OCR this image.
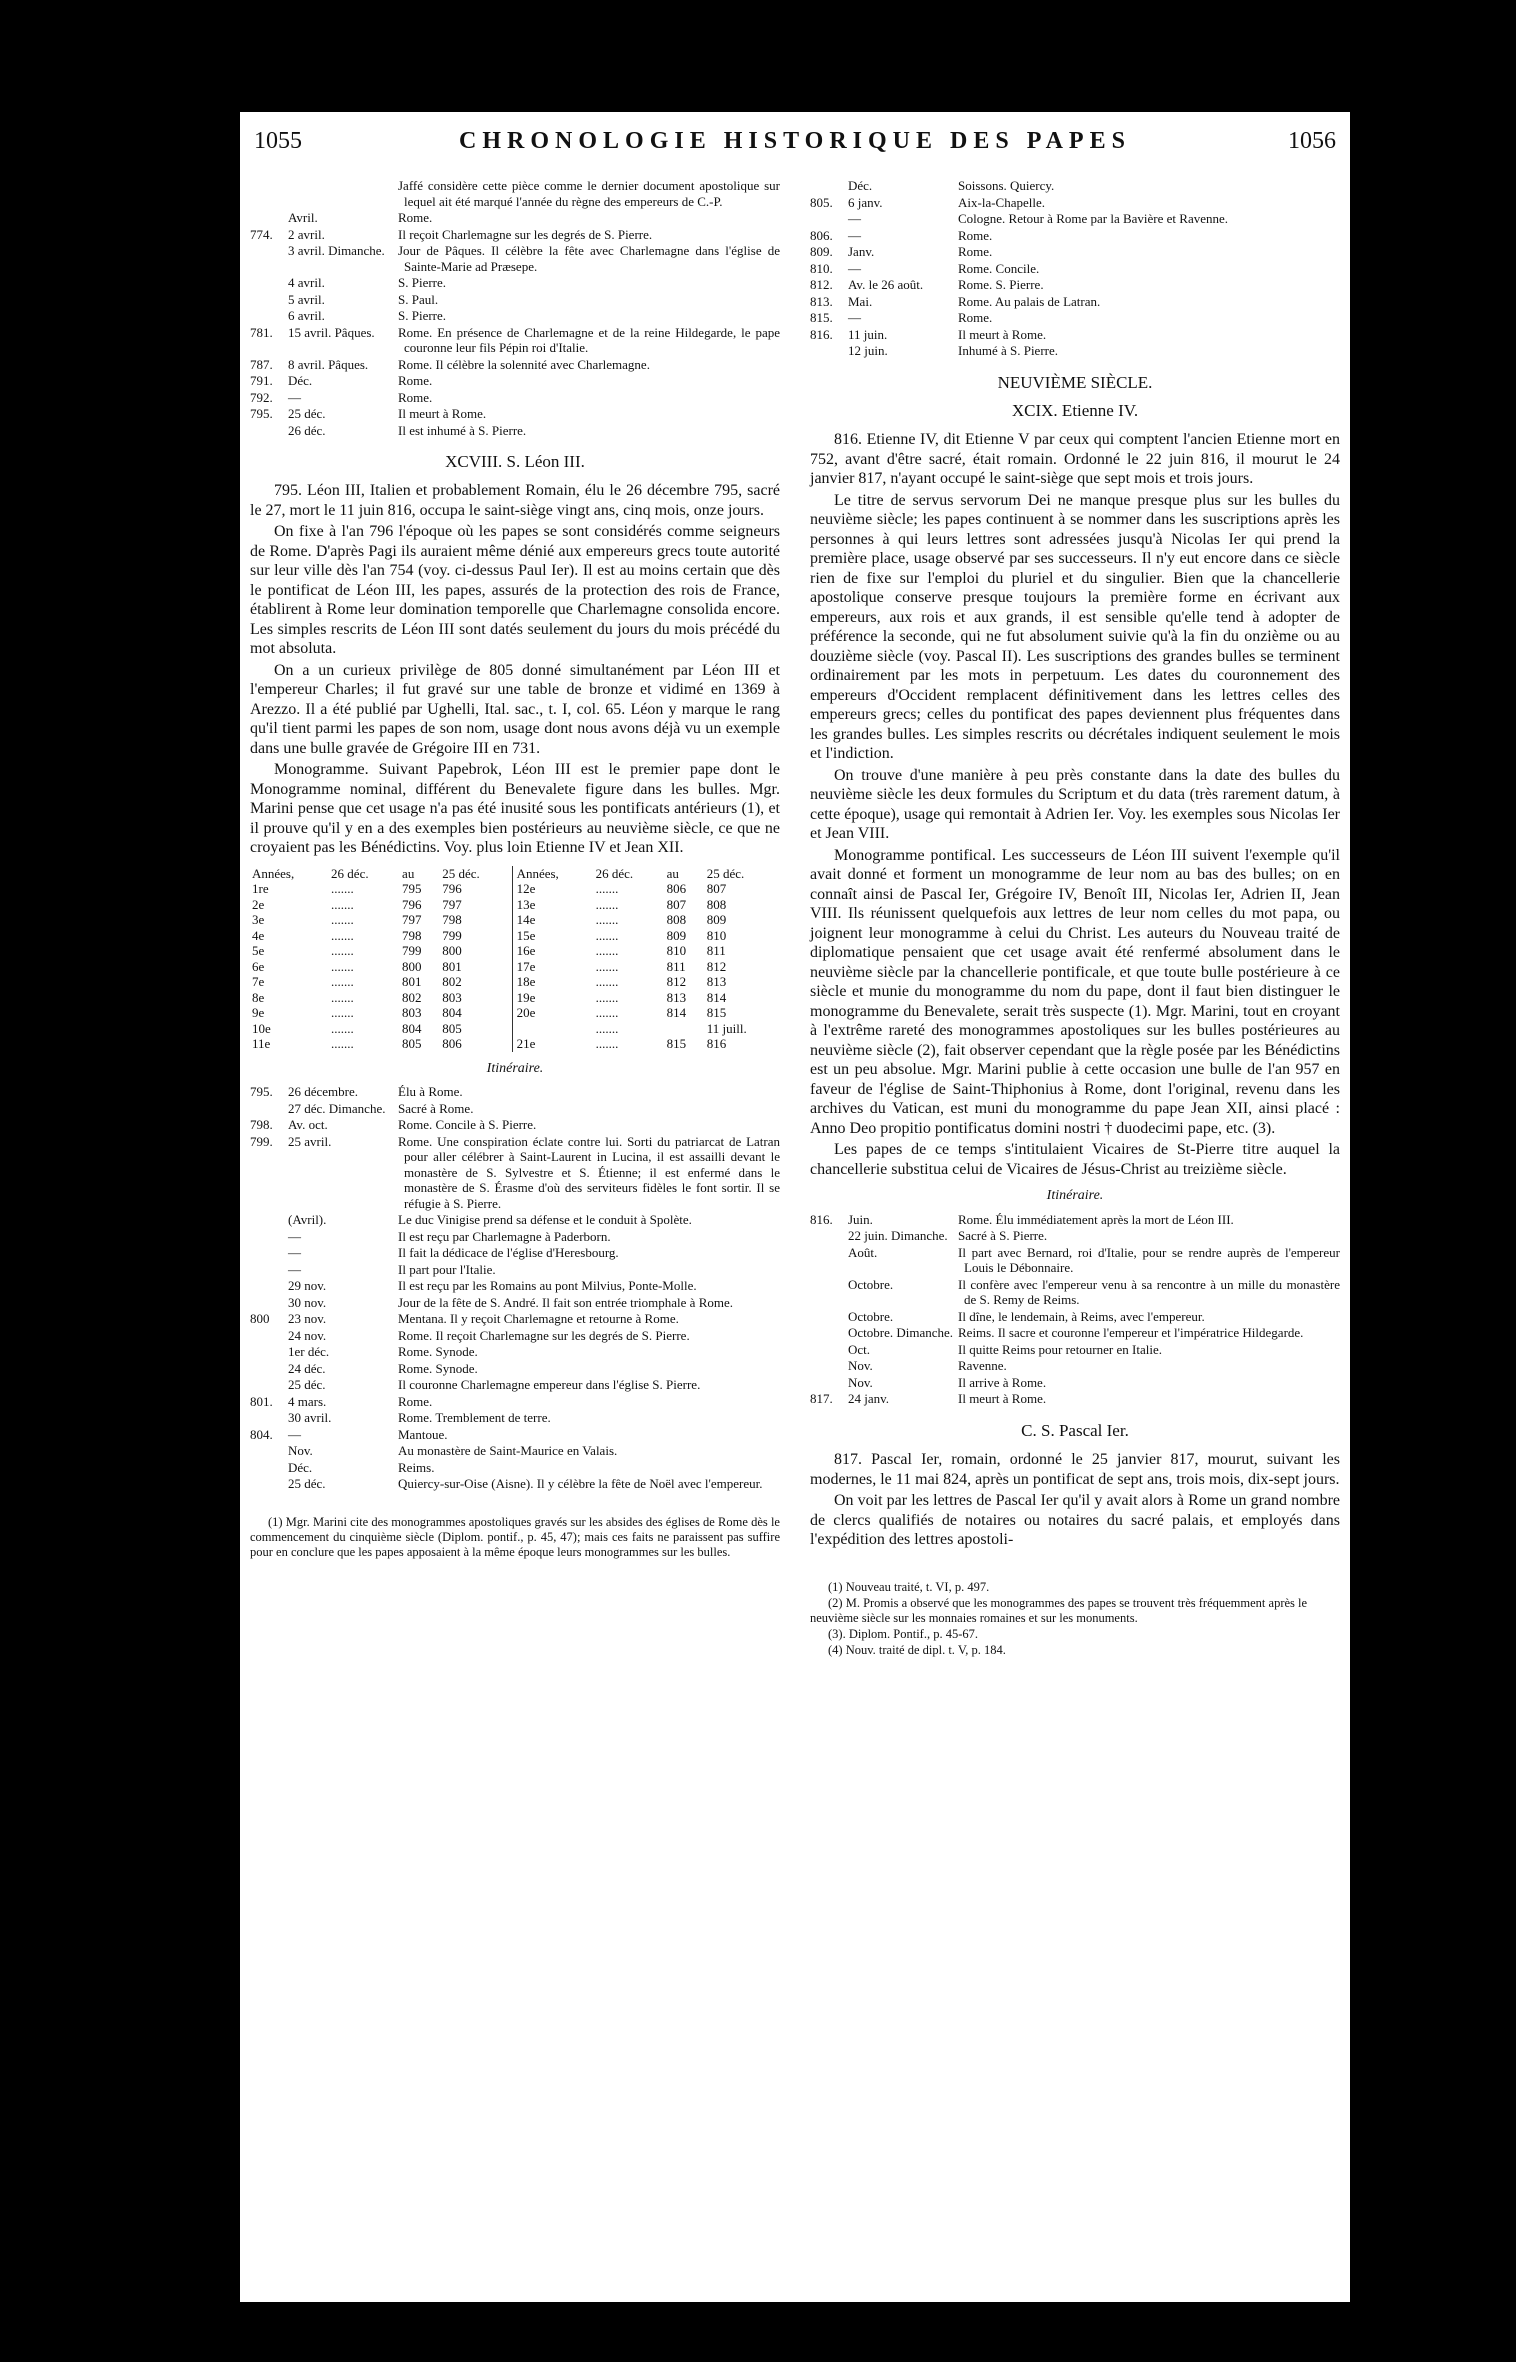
1055	CHRONOLOGIE HISTORIQUE DES PAPES	1056
		Jaffé considère cette pièce comme le dernier document apostolique sur lequel ait été marqué l'année du règne des empereurs de C.-P.
	Avril.	Rome.
774.	2 avril.	Il reçoit Charlemagne sur les degrés de S. Pierre.
	3 avril. Dimanche.	Jour de Pâques. Il célèbre la fête avec Charlemagne dans l'église de Sainte-Marie ad Præsepe.
	4 avril.	S. Pierre.
	5 avril.	S. Paul.
	6 avril.	S. Pierre.
781.	15 avril. Pâques.	Rome. En présence de Charlemagne et de la reine Hildegarde, le pape couronne leur fils Pépin roi d'Italie.
787.	8 avril. Pâques.	Rome. Il célèbre la solennité avec Charlemagne.
791.	Déc.	Rome.
792.	—	Rome.
795.	25 déc.	Il meurt à Rome.
	26 déc.	Il est inhumé à S. Pierre.
XCVIII. S. Léon III.

795. Léon III, Italien et probablement Romain, élu le 26 décembre 795, sacré le 27, mort le 11 juin 816, occupa le saint-siège vingt ans, cinq mois, onze jours.

On fixe à l'an 796 l'époque où les papes se sont considérés comme seigneurs de Rome. D'après Pagi ils auraient même dénié aux empereurs grecs toute autorité sur leur ville dès l'an 754 (voy. ci-dessus Paul Ier). Il est au moins certain que dès le pontificat de Léon III, les papes, assurés de la protection des rois de France, établirent à Rome leur domination temporelle que Charlemagne consolida encore. Les simples rescrits de Léon III sont datés seulement du jours du mois précédé du mot absoluta.

On a un curieux privilège de 805 donné simultanément par Léon III et l'empereur Charles; il fut gravé sur une table de bronze et vidimé en 1369 à Arezzo. Il a été publié par Ughelli, Ital. sac., t. I, col. 65. Léon y marque le rang qu'il tient parmi les papes de son nom, usage dont nous avons déjà vu un exemple dans une bulle gravée de Grégoire III en 731.

Monogramme. Suivant Papebrok, Léon III est le premier pape dont le Monogramme nominal, différent du Benevalete figure dans les bulles. Mgr. Marini pense que cet usage n'a pas été inusité sous les pontificats antérieurs (1), et il prouve qu'il y en a des exemples bien postérieurs au neuvième siècle, ce que ne croyaient pas les Bénédictins. Voy. plus loin Etienne IV et Jean XII.

Années,	26 déc.	au	25 déc.		Années,	26 déc.	au	25 déc.
1re	.......	795	796		12e	.......	806	807
2e	.......	796	797		13e	.......	807	808
3e	.......	797	798		14e	.......	808	809
4e	.......	798	799		15e	.......	809	810
5e	.......	799	800		16e	.......	810	811
6e	.......	800	801		17e	.......	811	812
7e	.......	801	802		18e	.......	812	813
8e	.......	802	803		19e	.......	813	814
9e	.......	803	804		20e	.......	814	815
10e	.......	804	805			.......		11 juill.
11e	.......	805	806		21e	.......	815	816
Itinéraire.
795.	26 décembre.	Élu à Rome.
	27 déc. Dimanche.	Sacré à Rome.
798.	Av. oct.	Rome. Concile à S. Pierre.
799.	25 avril.	Rome. Une conspiration éclate contre lui. Sorti du patriarcat de Latran pour aller célébrer à Saint-Laurent in Lucina, il est assailli devant le monastère de S. Sylvestre et S. Étienne; il est enfermé dans le monastère de S. Érasme d'où des serviteurs fidèles le font sortir. Il se réfugie à S. Pierre.
	(Avril).	Le duc Vinigise prend sa défense et le conduit à Spolète.
	—	Il est reçu par Charlemagne à Paderborn.
	—	Il fait la dédicace de l'église d'Heresbourg.
	—	Il part pour l'Italie.
	29 nov.	Il est reçu par les Romains au pont Milvius, Ponte-Molle.
	30 nov.	Jour de la fête de S. André. Il fait son entrée triomphale à Rome.
800	23 nov.	Mentana. Il y reçoit Charlemagne et retourne à Rome.
	24 nov.	Rome. Il reçoit Charlemagne sur les degrés de S. Pierre.
	1er déc.	Rome. Synode.
	24 déc.	Rome. Synode.
	25 déc.	Il couronne Charlemagne empereur dans l'église S. Pierre.
801.	4 mars.	Rome.
	30 avril.	Rome. Tremblement de terre.
804.	—	Mantoue.
	Nov.	Au monastère de Saint-Maurice en Valais.
	Déc.	Reims.
	25 déc.	Quiercy-sur-Oise (Aisne). Il y célèbre la fête de Noël avec l'empereur.

(1) Mgr. Marini cite des monogrammes apostoliques gravés sur les absides des églises de Rome dès le commencement du cinquième siècle (Diplom. pontif., p. 45, 47); mais ces faits ne paraissent pas suffire pour en conclure que les papes apposaient à la même époque leurs monogrammes sur les bulles.

	Déc.	Soissons. Quiercy.
805.	6 janv.	Aix-la-Chapelle.
	—	Cologne. Retour à Rome par la Bavière et Ravenne.
806.	—	Rome.
809.	Janv.	Rome.
810.	—	Rome. Concile.
812.	Av. le 26 août.	Rome. S. Pierre.
813.	Mai.	Rome. Au palais de Latran.
815.	—	Rome.
816.	11 juin.	Il meurt à Rome.
	12 juin.	Inhumé à S. Pierre.
NEUVIÈME SIÈCLE.
XCIX. Etienne IV.

816. Etienne IV, dit Etienne V par ceux qui comptent l'ancien Etienne mort en 752, avant d'être sacré, était romain. Ordonné le 22 juin 816, il mourut le 24 janvier 817, n'ayant occupé le saint-siège que sept mois et trois jours.

Le titre de servus servorum Dei ne manque presque plus sur les bulles du neuvième siècle; les papes continuent à se nommer dans les suscriptions après les personnes à qui leurs lettres sont adressées jusqu'à Nicolas Ier qui prend la première place, usage observé par ses successeurs. Il n'y eut encore dans ce siècle rien de fixe sur l'emploi du pluriel et du singulier. Bien que la chancellerie apostolique conserve presque toujours la première forme en écrivant aux empereurs, aux rois et aux grands, il est sensible qu'elle tend à adopter de préférence la seconde, qui ne fut absolument suivie qu'à la fin du onzième ou au douzième siècle (voy. Pascal II). Les suscriptions des grandes bulles se terminent ordinairement par les mots in perpetuum. Les dates du couronnement des empereurs d'Occident remplacent définitivement dans les lettres celles des empereurs grecs; celles du pontificat des papes deviennent plus fréquentes dans les grandes bulles. Les simples rescrits ou décrétales indiquent seulement le mois et l'indiction.

On trouve d'une manière à peu près constante dans la date des bulles du neuvième siècle les deux formules du Scriptum et du data (très rarement datum, à cette époque), usage qui remontait à Adrien Ier. Voy. les exemples sous Nicolas Ier et Jean VIII.

Monogramme pontifical. Les successeurs de Léon III suivent l'exemple qu'il avait donné et forment un monogramme de leur nom au bas des bulles; on en connaît ainsi de Pascal Ier, Grégoire IV, Benoît III, Nicolas Ier, Adrien II, Jean VIII. Ils réunissent quelquefois aux lettres de leur nom celles du mot papa, ou joignent leur monogramme à celui du Christ. Les auteurs du Nouveau traité de diplomatique pensaient que cet usage avait été renfermé absolument dans le neuvième siècle par la chancellerie pontificale, et que toute bulle postérieure à ce siècle et munie du monogramme du nom du pape, dont il faut bien distinguer le monogramme du Benevalete, serait très suspecte (1). Mgr. Marini, tout en croyant à l'extrême rareté des monogrammes apostoliques sur les bulles postérieures au neuvième siècle (2), fait observer cependant que la règle posée par les Bénédictins est un peu absolue. Mgr. Marini publie à cette occasion une bulle de l'an 957 en faveur de l'église de Saint-Thiphonius à Rome, dont l'original, revenu dans les archives du Vatican, est muni du monogramme du pape Jean XII, ainsi placé : Anno Deo propitio pontificatus domini nostri † duodecimi pape, etc. (3).

Les papes de ce temps s'intitulaient Vicaires de St-Pierre titre auquel la chancellerie substitua celui de Vicaires de Jésus-Christ au treizième siècle.

Itinéraire.
816.	Juin.	Rome. Élu immédiatement après la mort de Léon III.
	22 juin. Dimanche.	Sacré à S. Pierre.
	Août.	Il part avec Bernard, roi d'Italie, pour se rendre auprès de l'empereur Louis le Débonnaire.
	Octobre.	Il confère avec l'empereur venu à sa rencontre à un mille du monastère de S. Remy de Reims.
	Octobre.	Il dîne, le lendemain, à Reims, avec l'empereur.
	Octobre. Dimanche.	Reims. Il sacre et couronne l'empereur et l'impératrice Hildegarde.
	Oct.	Il quitte Reims pour retourner en Italie.
	Nov.	Ravenne.
	Nov.	Il arrive à Rome.
817.	24 janv.	Il meurt à Rome.
C. S. Pascal Ier.

817. Pascal Ier, romain, ordonné le 25 janvier 817, mourut, suivant les modernes, le 11 mai 824, après un pontificat de sept ans, trois mois, dix-sept jours.

On voit par les lettres de Pascal Ier qu'il y avait alors à Rome un grand nombre de clercs qualifiés de notaires ou notaires du sacré palais, et employés dans l'expédition des lettres apostoli-

(1) Nouveau traité, t. VI, p. 497.

(2) M. Promis a observé que les monogrammes des papes se trouvent très fréquemment après le neuvième siècle sur les monnaies romaines et sur les monuments.

(3). Diplom. Pontif., p. 45-67.

(4) Nouv. traité de dipl. t. V, p. 184.
